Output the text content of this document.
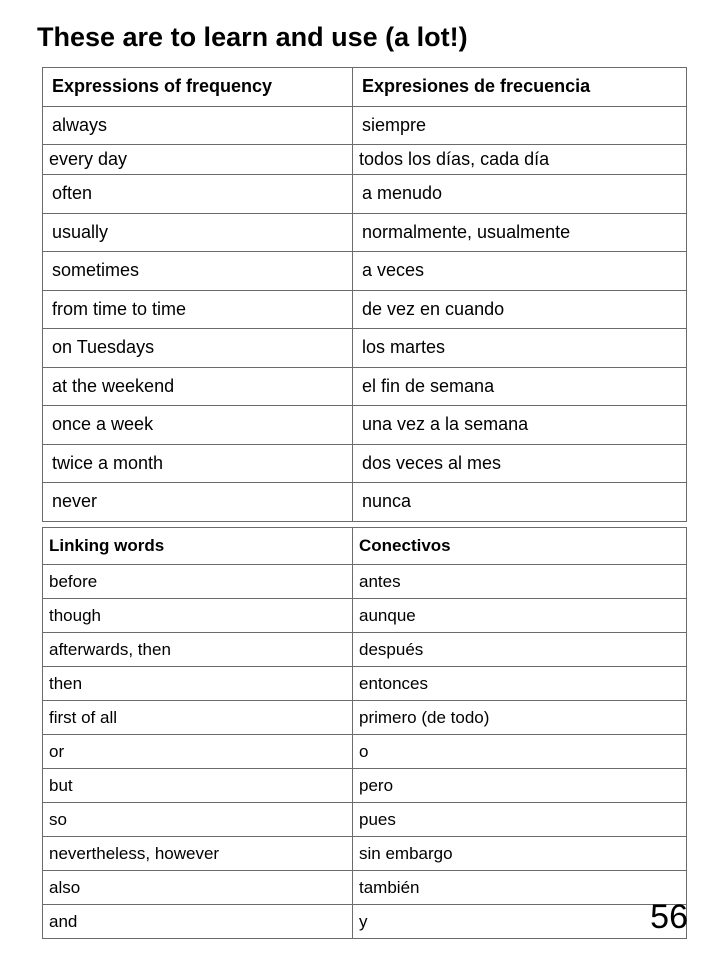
These are to learn and use (a lot!)
Expressions of frequency	Expresiones de frecuencia
always	siempre
every day	todos los días, cada día
often	a menudo
usually	normalmente, usualmente
sometimes	a veces
from time to time	de vez en cuando
on Tuesdays	los martes
at the weekend	el fin de semana
once a week	una vez a la semana
twice a month	dos veces al mes
never	nunca
Linking words	Conectivos
before	antes
though	aunque
afterwards, then	después
then	entonces
first of all	primero (de todo)
or	o
but	pero
so	pues
nevertheless, however	sin embargo
also	también
and	y	56
